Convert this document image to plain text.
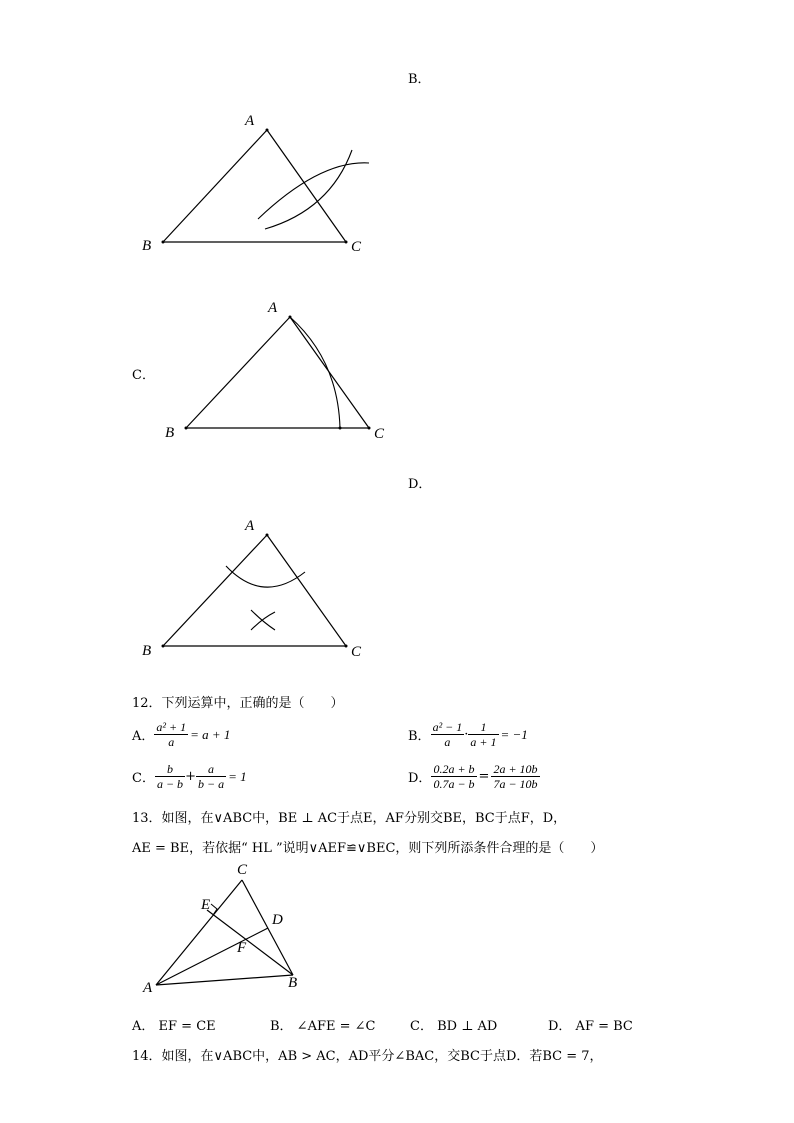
B．
A
B	C
C．
A
B	C
D．
A
B	C
12．下列运算中，正确的是（　　）
A． $\frac{\text{a² + 1}}{a} = a + 1$	B． $\frac{\text{a² − 1}}{a} \cdot \frac{1}{a + 1} = -1$
C． $\frac{b}{a - b} + \frac{a}{b - a} = 1$	D． $\frac{0.2a + b}{0.7a - b} = \frac{2a + 10b}{7a - 10b}$
13．如图，在∨ABC中，BE ⊥ AC于点E，AF分别交BE，BC于点F，D，
AE = BE，若依据“ HL ”说明∨AEF≌∨BEC，则下列所添条件合理的是（　　）
C
E
D
F
A	B
A． EF = CE	B． ∠AFE = ∠C	C． BD ⊥ AD	D． AF = BC
14．如图，在∨ABC中，AB > AC，AD平分∠BAC，交BC于点D．若BC = 7，
